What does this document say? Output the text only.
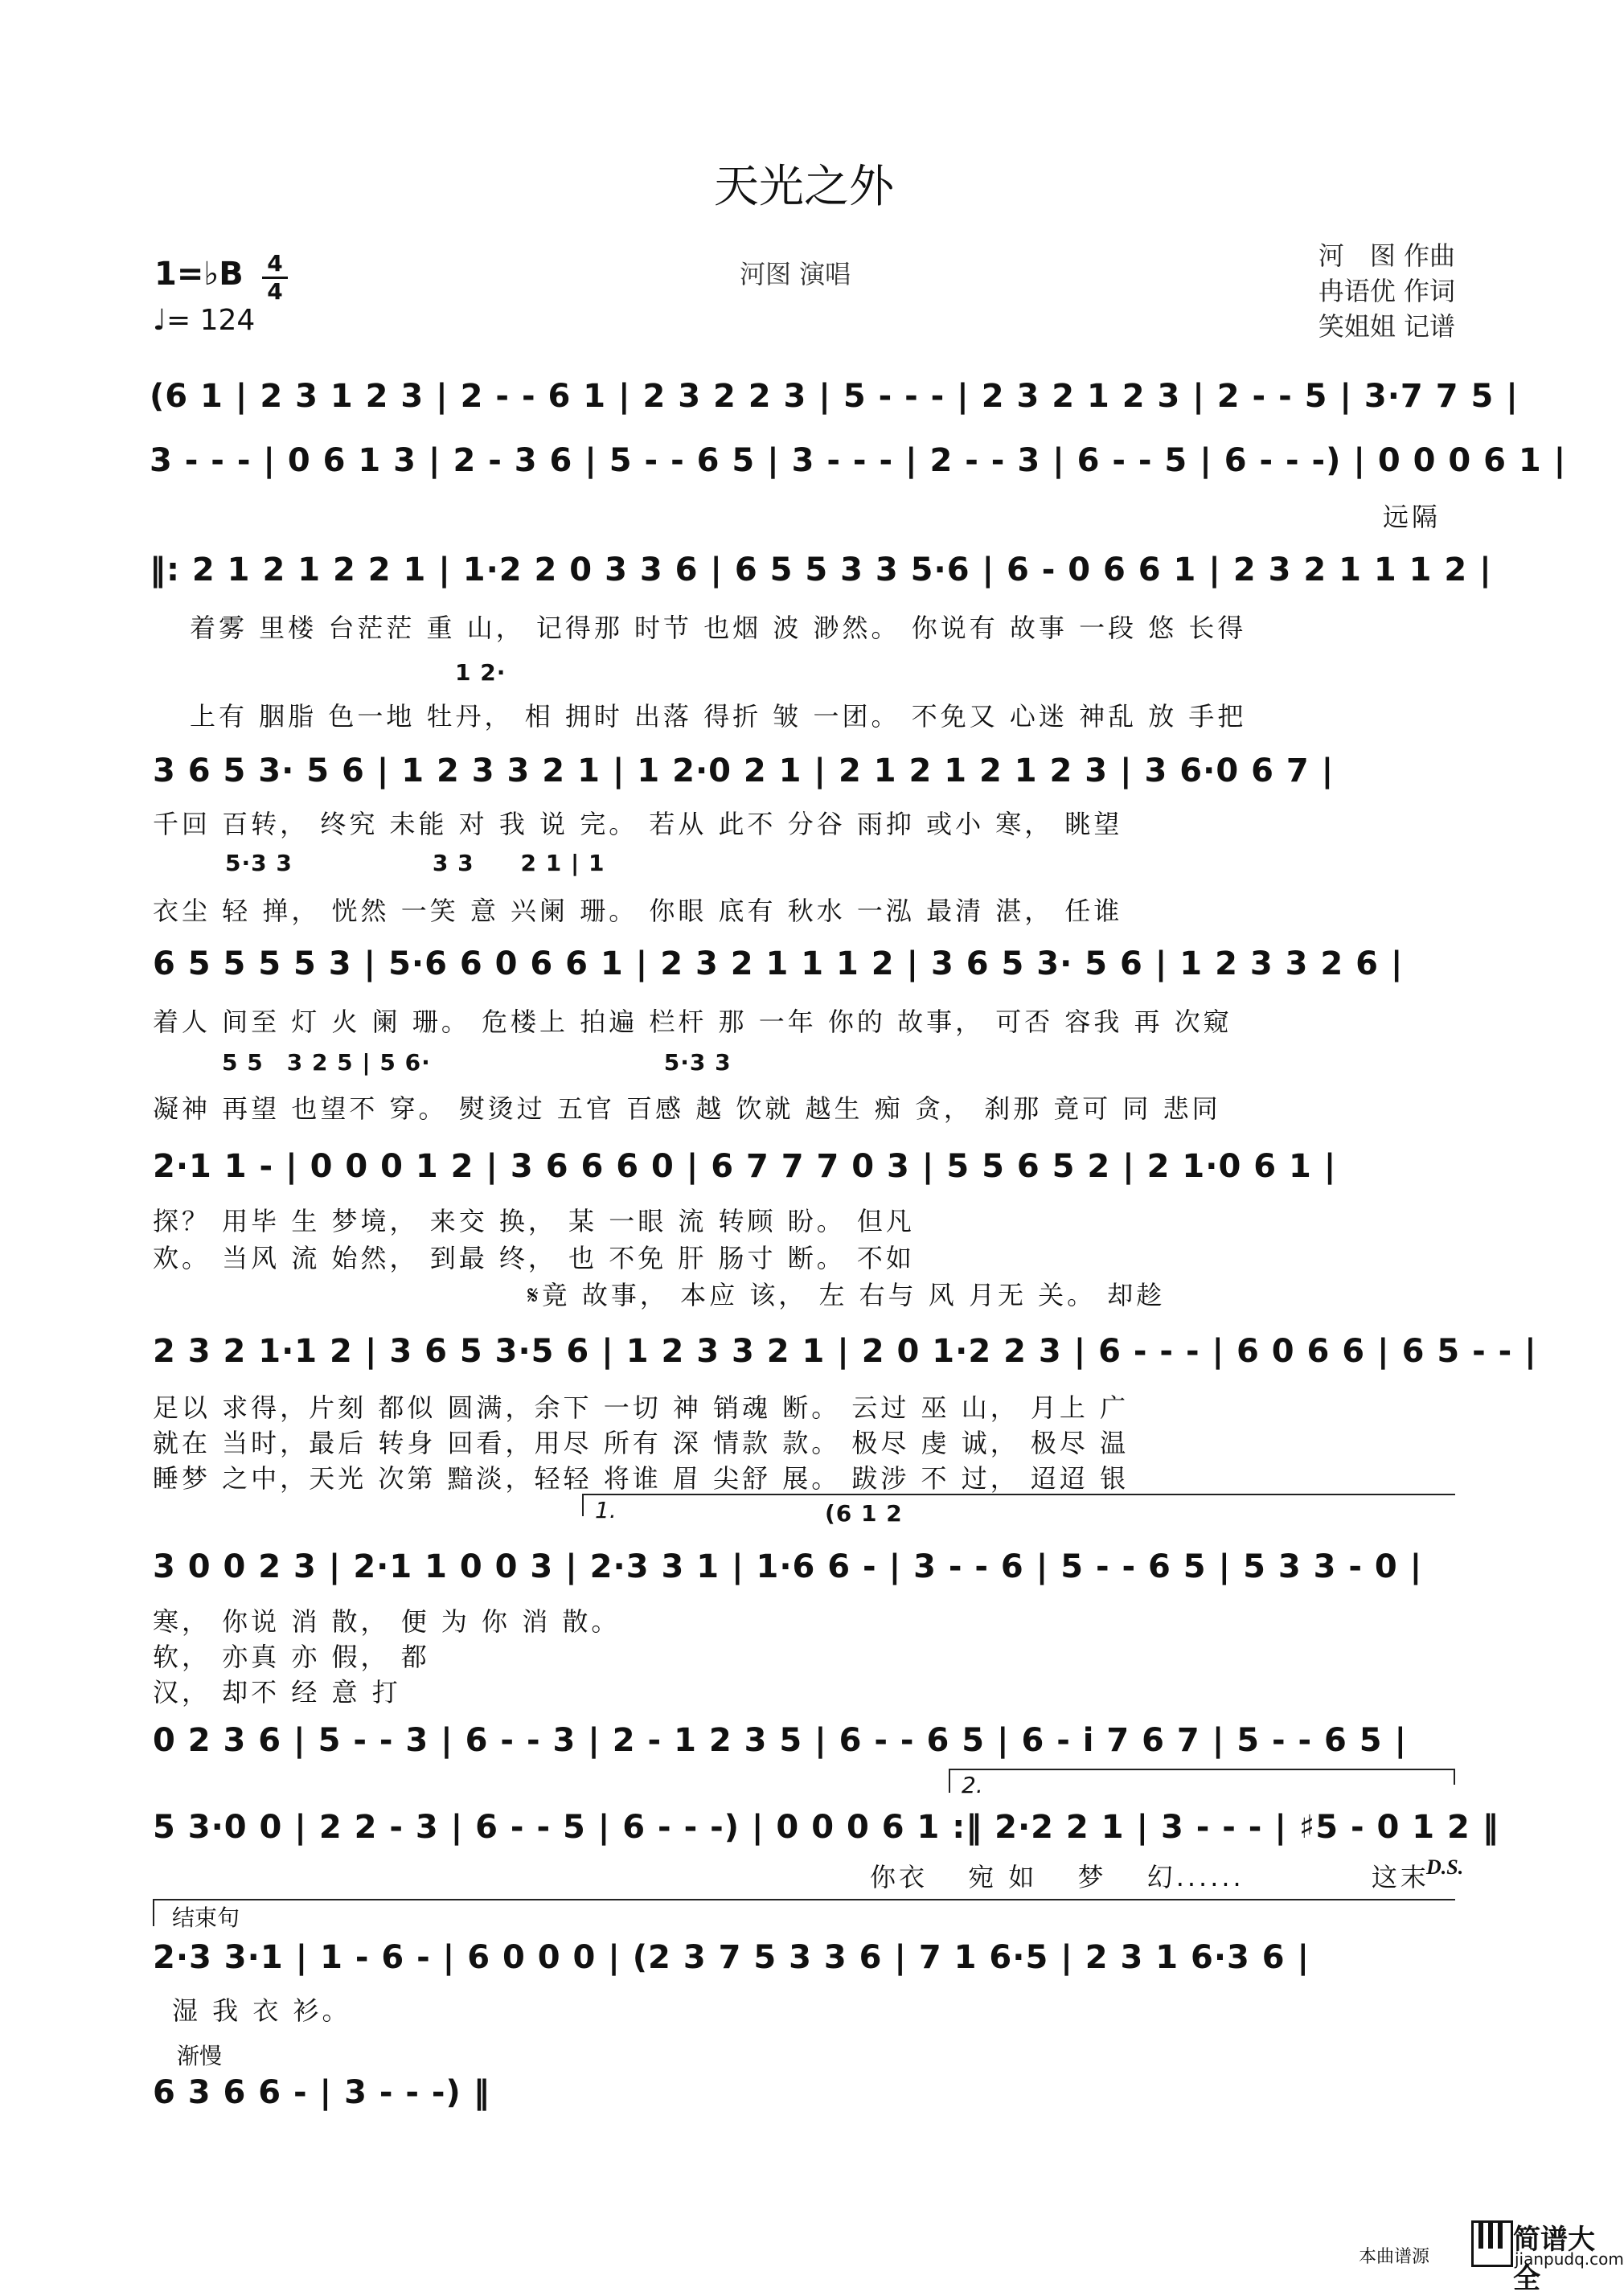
天光之外
1=♭B	4
4
♩= 124
河图 演唱
河　图 作曲
冉语优 作词
笑姐姐 记谱
(6 1 | 2 3 1 2 3 | 2 - - 6 1 | 2 3 2 2 3 | 5 - - - | 2 3 2 1 2 3 | 2 - - 5 | 3·7 7 5 |
3 - - - | 0 6 1 3 | 2 - 3 6 | 5 - - 6 5 | 3 - - - | 2 - - 3 | 6 - - 5 | 6 - - -) | 0 0 0 6 1 |
远隔
‖: 2 1 2 1 2 2 1 | 1·2 2 0 3 3 6 | 6 5 5 3 3 5·6 | 6 - 0 6 6 1 | 2 3 2 1 1 1 2 |
着雾 里楼 台茫茫 重 山， 记得那 时节 也烟 波 渺然。 你说有 故事 一段 悠 长得
1 2·
上有 胭脂 色一地 牡丹， 相 拥时 出落 得折 皱 一团。 不免又 心迷 神乱 放 手把
3 6 5 3· 5 6 | 1 2 3 3 2 1 | 1 2·0 2 1 | 2 1 2 1 2 1 2 3 | 3 6·0 6 7 |
千回 百转， 终究 未能 对 我 说 完。 若从 此不 分谷 雨抑 或小 寒， 眺望
5·3 3　　　　　　3 3　　2 1 | 1
衣尘 轻 掸， 恍然 一笑 意 兴阑 珊。 你眼 底有 秋水 一泓 最清 湛， 任谁
6 5 5 5 5 3 | 5·6 6 0 6 6 1 | 2 3 2 1 1 1 2 | 3 6 5 3· 5 6 | 1 2 3 3 2 6 |
着人 间至 灯 火 阑 珊。 危楼上 拍遍 栏杆 那 一年 你的 故事， 可否 容我 再 次窥
5 5　3 2 5 | 5 6·　　　　　　　　　　5·3 3
凝神 再望 也望不 穿。 熨烫过 五官 百感 越 饮就 越生 痴 贪， 刹那 竟可 同 悲同
2·1 1 - | 0 0 0 1 2 | 3 6 6 6 0 | 6 7 7 7 0 3 | 5 5 6 5 2 | 2 1·0 6 1 |
探？ 用毕 生 梦境， 来交 换， 某 一眼 流 转顾 盼。 但凡
欢。 当风 流 始然， 到最 终， 也 不免 肝 肠寸 断。 不如
𝄋竟 故事， 本应 该， 左 右与 风 月无 关。 却趁
2 3 2 1·1 2 | 3 6 5 3·5 6 | 1 2 3 3 2 1 | 2 0 1·2 2 3 | 6 - - - | 6 0 6 6 | 6 5 - - |
足以 求得，片刻 都似 圆满，余下 一切 神 销魂 断。 云过 巫 山， 月上 广
就在 当时，最后 转身 回看，用尽 所有 深 情款 款。 极尽 虔 诚， 极尽 温
睡梦 之中，天光 次第 黯淡，轻轻 将谁 眉 尖舒 展。 跋涉 不 过， 迢迢 银
1.	(6 1 2
3 0 0 2 3 | 2·1 1 0 0 3 | 2·3 3 1 | 1·6 6 - | 3 - - 6 | 5 - - 6 5 | 5 3 3 - 0 |
寒， 你说 消 散， 便 为 你 消 散。
软， 亦真 亦 假， 都
汉， 却不 经 意 打
0 2 3 6 | 5 - - 3 | 6 - - 3 | 2 - 1 2 3 5 | 6 - - 6 5 | 6 - i 7 6 7 | 5 - - 6 5 |
2.
5 3·0 0 | 2 2 - 3 | 6 - - 5 | 6 - - -) | 0 0 0 6 1 :‖ 2·2 2 1 | 3 - - - | ♯5 - 0 1 2 ‖
你衣　 宛 如　 梦　 幻......　　　　 这末
D.S.
结束句
2·3 3·1 | 1 - 6 - | 6 0 0 0 | (2 3 7 5 3 3 6 | 7 1 6·5 | 2 3 1 6·3 6 |
湿 我 衣 衫。
渐慢
6 3 6 6 - | 3 - - -) ‖
本曲谱源
简谱大全
jianpudq.com
